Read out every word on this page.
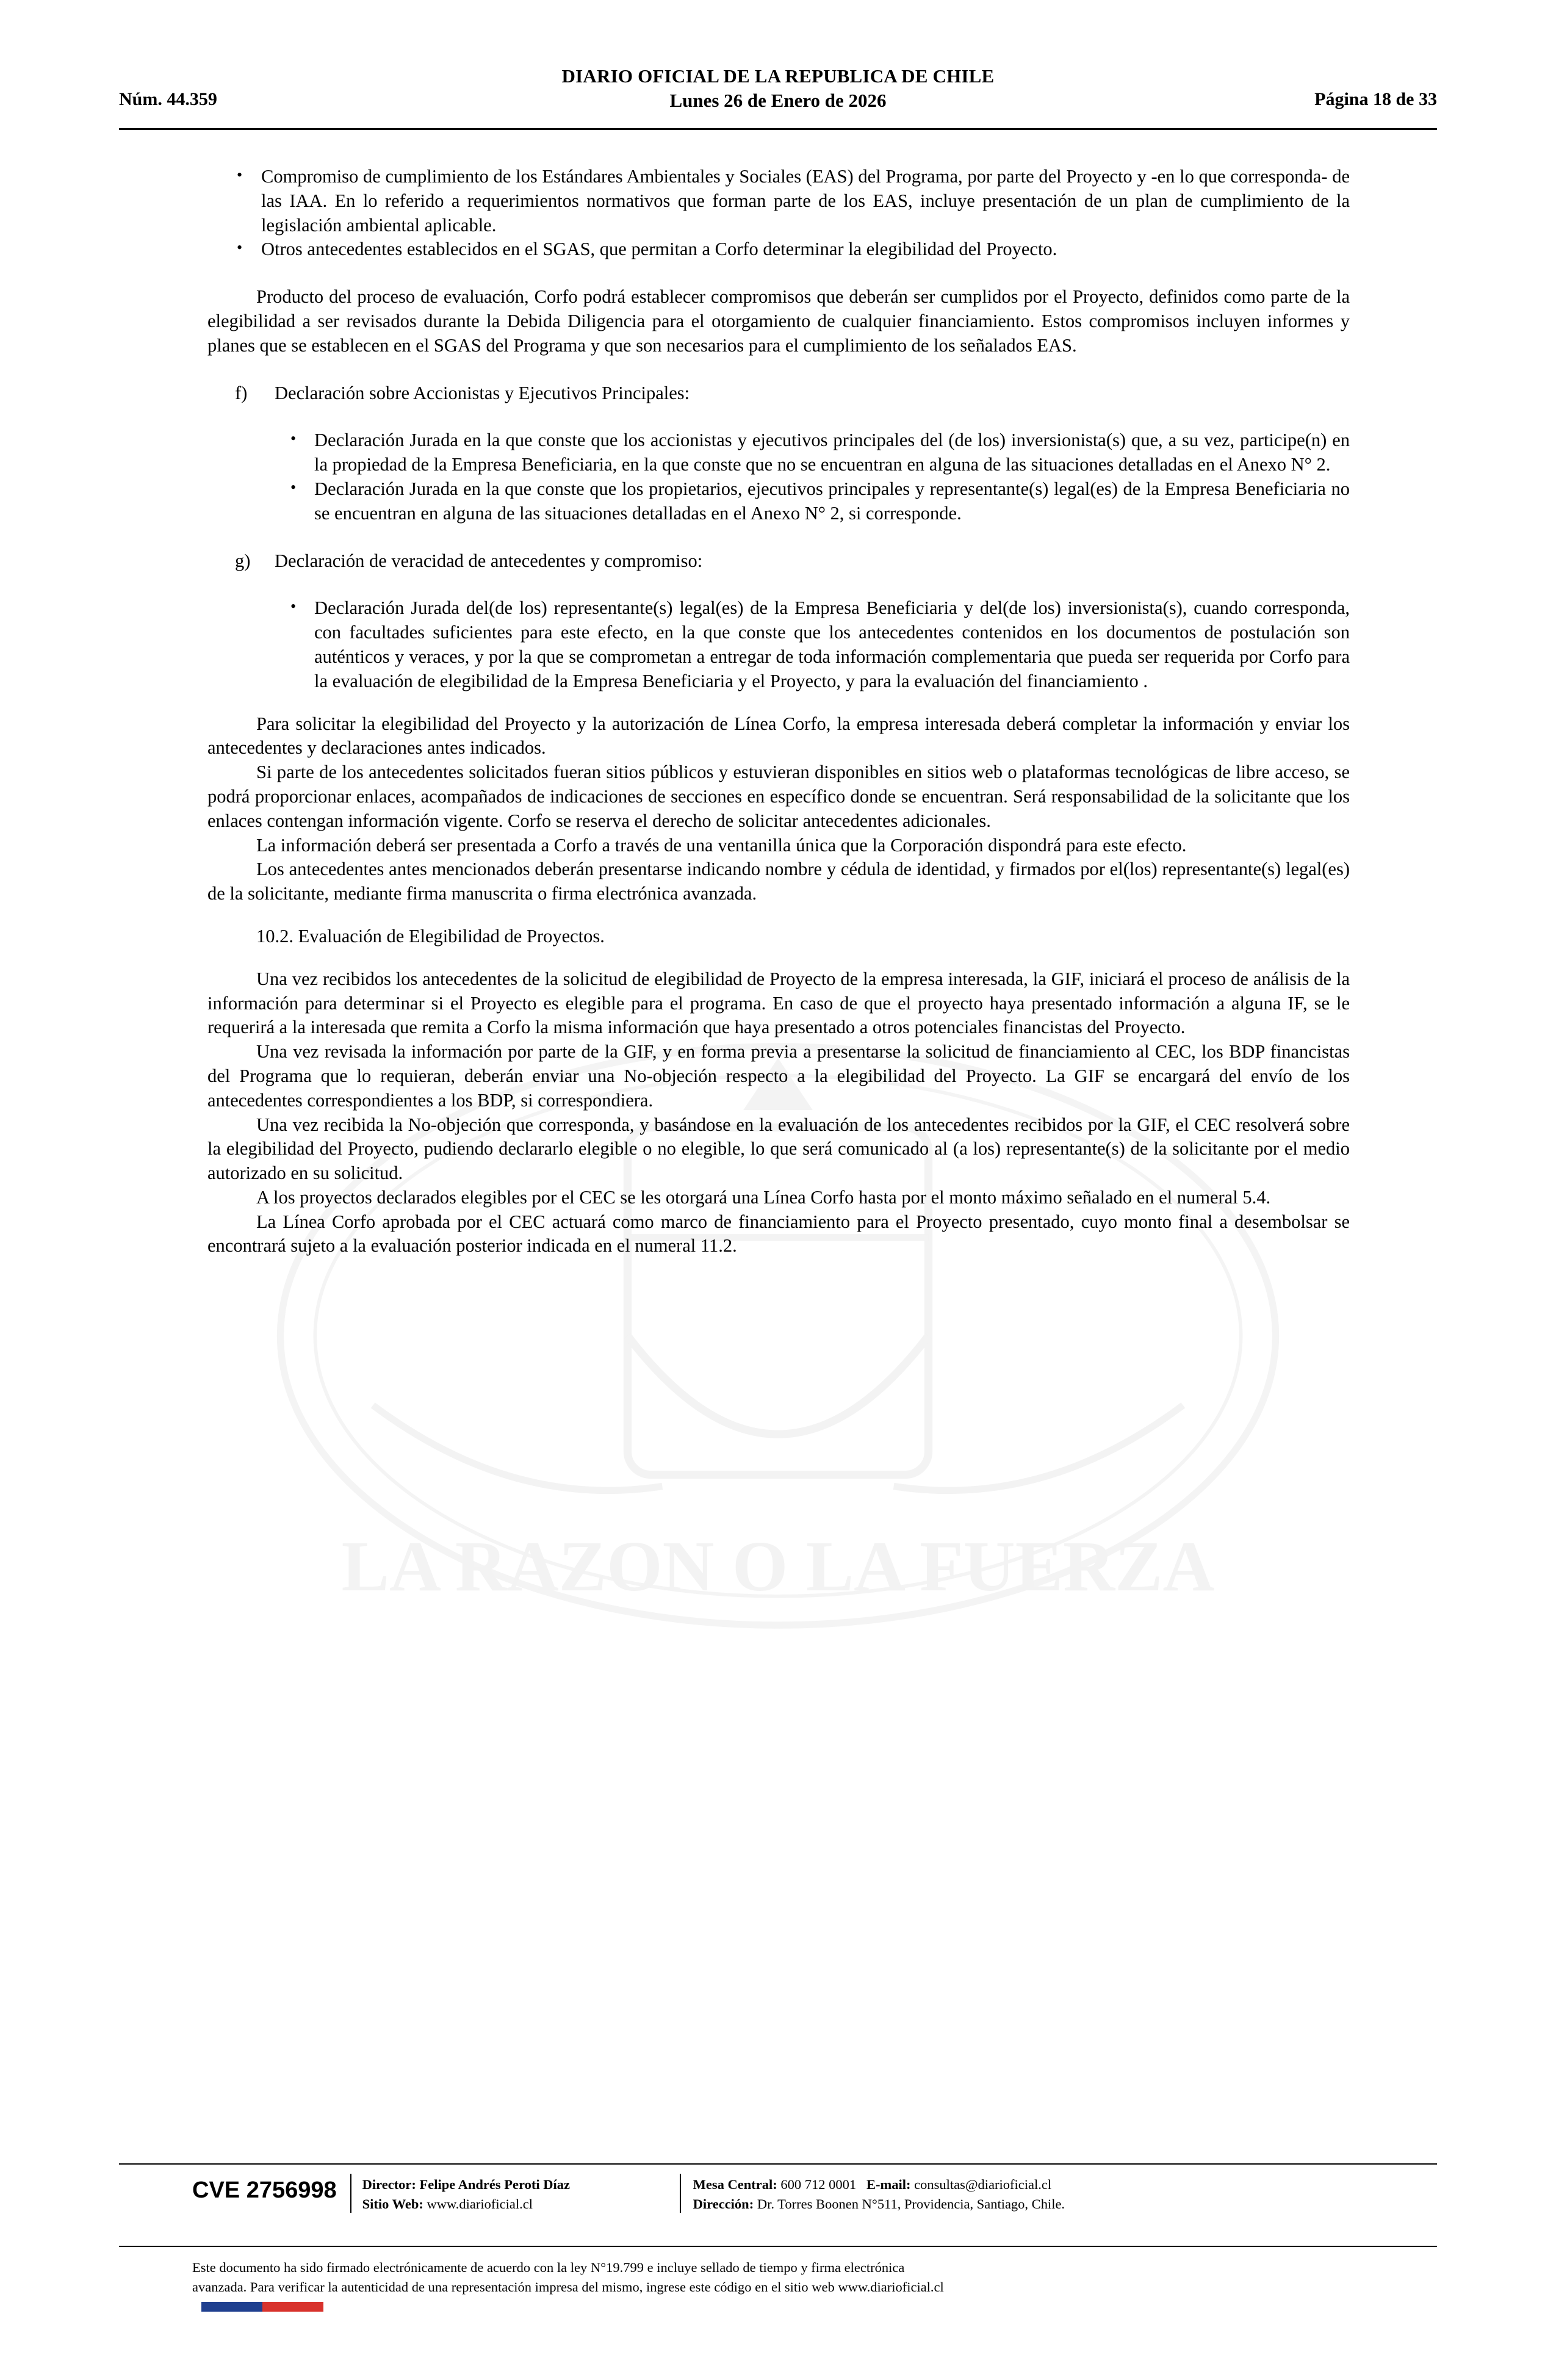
LA RAZON O LA FUERZA
Núm. 44.359
DIARIO OFICIAL DE LA REPUBLICA DE CHILE
Lunes 26 de Enero de 2026	Página 18 de 33
• Compromiso de cumplimiento de los Estándares Ambientales y Sociales (EAS) del Programa, por parte del Proyecto y -en lo que corresponda- de las IAA. En lo referido a requerimientos normativos que forman parte de los EAS, incluye presentación de un plan de cumplimiento de la legislación ambiental aplicable.
• Otros antecedentes establecidos en el SGAS, que permitan a Corfo determinar la elegibilidad del Proyecto.

Producto del proceso de evaluación, Corfo podrá establecer compromisos que deberán ser cumplidos por el Proyecto, definidos como parte de la elegibilidad a ser revisados durante la Debida Diligencia para el otorgamiento de cualquier financiamiento. Estos compromisos incluyen informes y planes que se establecen en el SGAS del Programa y que son necesarios para el cumplimiento de los señalados EAS.

f)	Declaración sobre Accionistas y Ejecutivos Principales:
• Declaración Jurada en la que conste que los accionistas y ejecutivos principales del (de los) inversionista(s) que, a su vez, participe(n) en la propiedad de la Empresa Beneficiaria, en la que conste que no se encuentran en alguna de las situaciones detalladas en el Anexo N° 2.
• Declaración Jurada en la que conste que los propietarios, ejecutivos principales y representante(s) legal(es) de la Empresa Beneficiaria no se encuentran en alguna de las situaciones detalladas en el Anexo N° 2, si corresponde.
g)	Declaración de veracidad de antecedentes y compromiso:
• Declaración Jurada del(de los) representante(s) legal(es) de la Empresa Beneficiaria y del(de los) inversionista(s), cuando corresponda, con facultades suficientes para este efecto, en la que conste que los antecedentes contenidos en los documentos de postulación son auténticos y veraces, y por la que se comprometan a entregar de toda información complementaria que pueda ser requerida por Corfo para la evaluación de elegibilidad de la Empresa Beneficiaria y el Proyecto, y para la evaluación del financiamiento .

Para solicitar la elegibilidad del Proyecto y la autorización de Línea Corfo, la empresa interesada deberá completar la información y enviar los antecedentes y declaraciones antes indicados.

Si parte de los antecedentes solicitados fueran sitios públicos y estuvieran disponibles en sitios web o plataformas tecnológicas de libre acceso, se podrá proporcionar enlaces, acompañados de indicaciones de secciones en específico donde se encuentran. Será responsabilidad de la solicitante que los enlaces contengan información vigente. Corfo se reserva el derecho de solicitar antecedentes adicionales.

La información deberá ser presentada a Corfo a través de una ventanilla única que la Corporación dispondrá para este efecto.

Los antecedentes antes mencionados deberán presentarse indicando nombre y cédula de identidad, y firmados por el(los) representante(s) legal(es) de la solicitante, mediante firma manuscrita o firma electrónica avanzada.

10.2. Evaluación de Elegibilidad de Proyectos.

Una vez recibidos los antecedentes de la solicitud de elegibilidad de Proyecto de la empresa interesada, la GIF, iniciará el proceso de análisis de la información para determinar si el Proyecto es elegible para el programa. En caso de que el proyecto haya presentado información a alguna IF, se le requerirá a la interesada que remita a Corfo la misma información que haya presentado a otros potenciales financistas del Proyecto.

Una vez revisada la información por parte de la GIF, y en forma previa a presentarse la solicitud de financiamiento al CEC, los BDP financistas del Programa que lo requieran, deberán enviar una No-objeción respecto a la elegibilidad del Proyecto. La GIF se encargará del envío de los antecedentes correspondientes a los BDP, si correspondiera.

Una vez recibida la No-objeción que corresponda, y basándose en la evaluación de los antecedentes recibidos por la GIF, el CEC resolverá sobre la elegibilidad del Proyecto, pudiendo declararlo elegible o no elegible, lo que será comunicado al (a los) representante(s) de la solicitante por el medio autorizado en su solicitud.

A los proyectos declarados elegibles por el CEC se les otorgará una Línea Corfo hasta por el monto máximo señalado en el numeral 5.4.

La Línea Corfo aprobada por el CEC actuará como marco de financiamiento para el Proyecto presentado, cuyo monto final a desembolsar se encontrará sujeto a la evaluación posterior indicada en el numeral 11.2.

CVE 2756998	Director: Felipe Andrés Peroti Díaz
Sitio Web: www.diarioficial.cl
Mesa Central: 600 712 0001 E-mail: consultas@diarioficial.cl
Dirección: Dr. Torres Boonen N°511, Providencia, Santiago, Chile.
Este documento ha sido firmado electrónicamente de acuerdo con la ley N°19.799 e incluye sellado de tiempo y firma electrónica
avanzada. Para verificar la autenticidad de una representación impresa del mismo, ingrese este código en el sitio web www.diarioficial.cl
